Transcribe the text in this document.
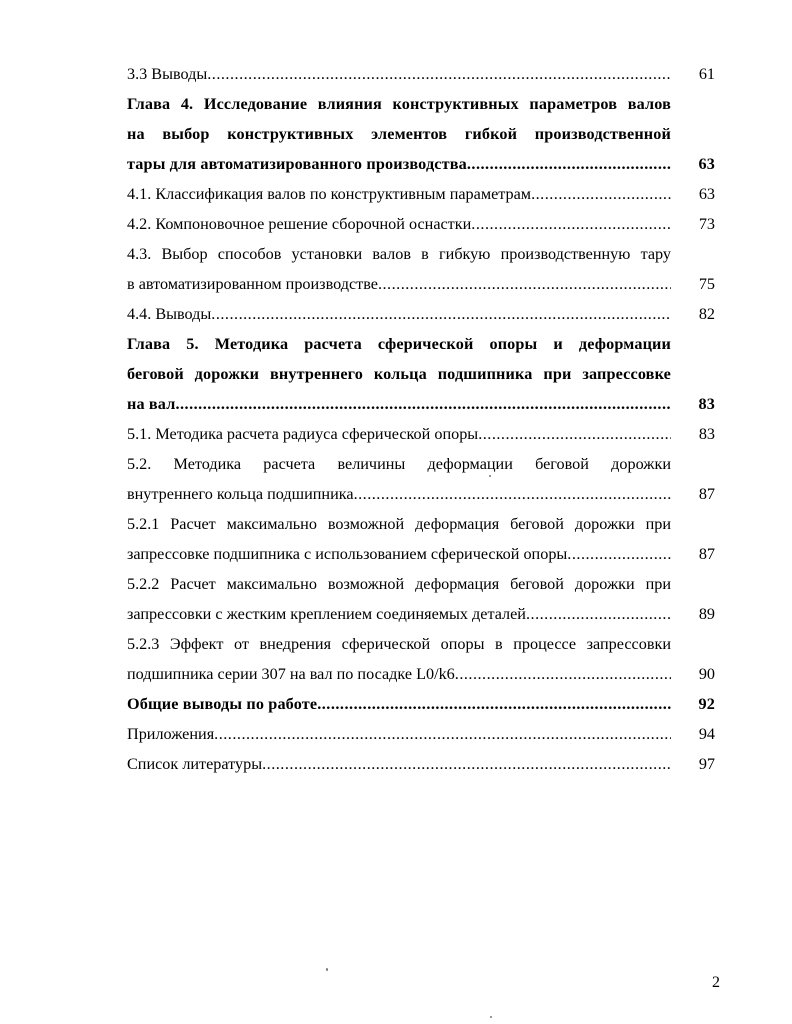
3.3 Выводы .....	61
Глава 4. Исследование влияния конструктивных параметров валов
на выбор конструктивных элементов гибкой производственной
тары для автоматизированного производства .....	63
4.1. Классификация валов по конструктивным параметрам .....	63
4.2. Компоновочное решение сборочной оснастки .....	73
4.3. Выбор способов установки валов в гибкую производственную тару
в автоматизированном производстве .....	75
4.4. Выводы .....	82
Глава 5. Методика расчета сферической опоры и деформации
беговой дорожки внутреннего кольца подшипника при запрессовке
на вал .....	83
5.1. Методика расчета радиуса сферической опоры .....	83
5.2. Методика расчета величины деформации беговой дорожки
внутреннего кольца подшипника .....	87
5.2.1 Расчет максимально возможной деформация беговой дорожки при
запрессовке подшипника с использованием сферической опоры .....	87
5.2.2 Расчет максимально возможной деформация беговой дорожки при
запрессовки с жестким креплением соединяемых деталей .....	89
5.2.3 Эффект от внедрения сферической опоры в процессе запрессовки
подшипника серии 307 на вал по посадке L0/k6 .....	90
Общие выводы по работе .....	92
Приложения .....	94
Список литературы .....	97
2
